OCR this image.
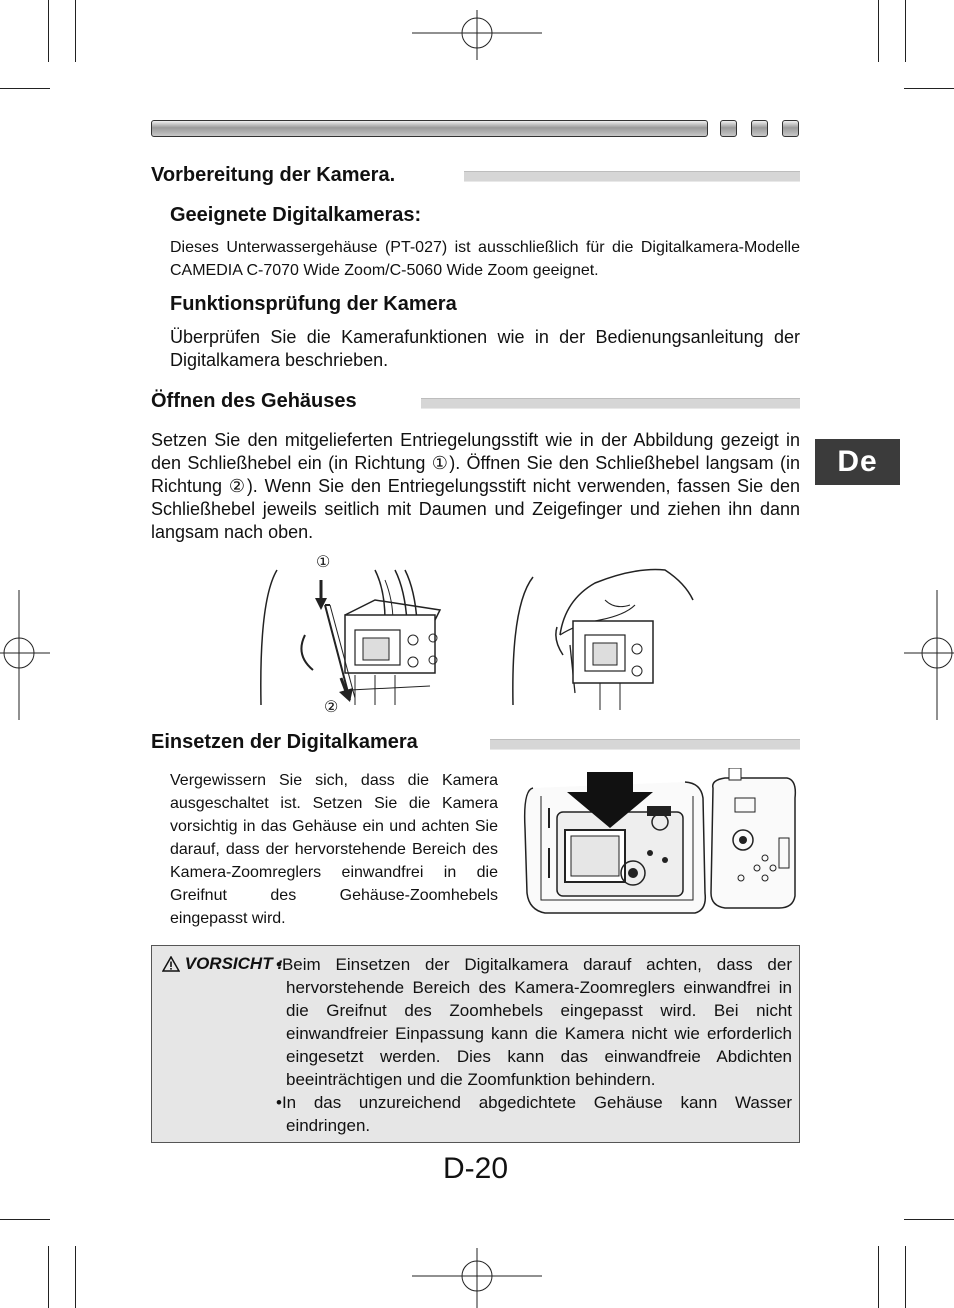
De
Vorbereitung der Kamera.
Geeignete Digitalkameras:
Dieses Unterwassergehäuse (PT-027) ist ausschließlich für die Digitalkamera-Modelle CAMEDIA C-7070 Wide Zoom/C-5060 Wide Zoom geeignet.
Funktionsprüfung der Kamera
Überprüfen Sie die Kamerafunktionen wie in der Bedienungsanleitung der Digitalkamera beschrieben.
Öffnen des Gehäuses
Setzen Sie den mitgelieferten Entriegelungsstift wie in der Abbildung gezeigt in den Schließhebel ein (in Richtung ①). Öffnen Sie den Schließhebel langsam (in Richtung ②). Wenn Sie den Entriegelungsstift nicht verwenden, fassen Sie den Schließhebel jeweils seitlich mit Daumen und Zeigefinger und ziehen ihn dann langsam nach oben.
①
②
Einsetzen der Digitalkamera
Vergewissern Sie sich, dass die Kamera ausgeschaltet ist. Setzen Sie die Kamera vorsichtig in das Gehäuse ein und achten Sie darauf, dass der hervorstehende Bereich des Kamera-Zoomreglers einwandfrei in die Greifnut des Gehäuse-Zoomhebels eingepasst wird.
VORSICHT :

•Beim Einsetzen der Digitalkamera darauf achten, dass der hervorstehende Bereich des Kamera-Zoomreglers einwandfrei in die Greifnut des Zoomhebels eingepasst wird. Bei nicht einwandfreier Einpassung kann die Kamera nicht wie erforderlich eingesetzt werden. Dies kann das einwandfreie Abdichten beeinträchtigen und die Zoomfunktion behindern.

•In das unzureichend abgedichtete Gehäuse kann Wasser eindringen.

D-20
